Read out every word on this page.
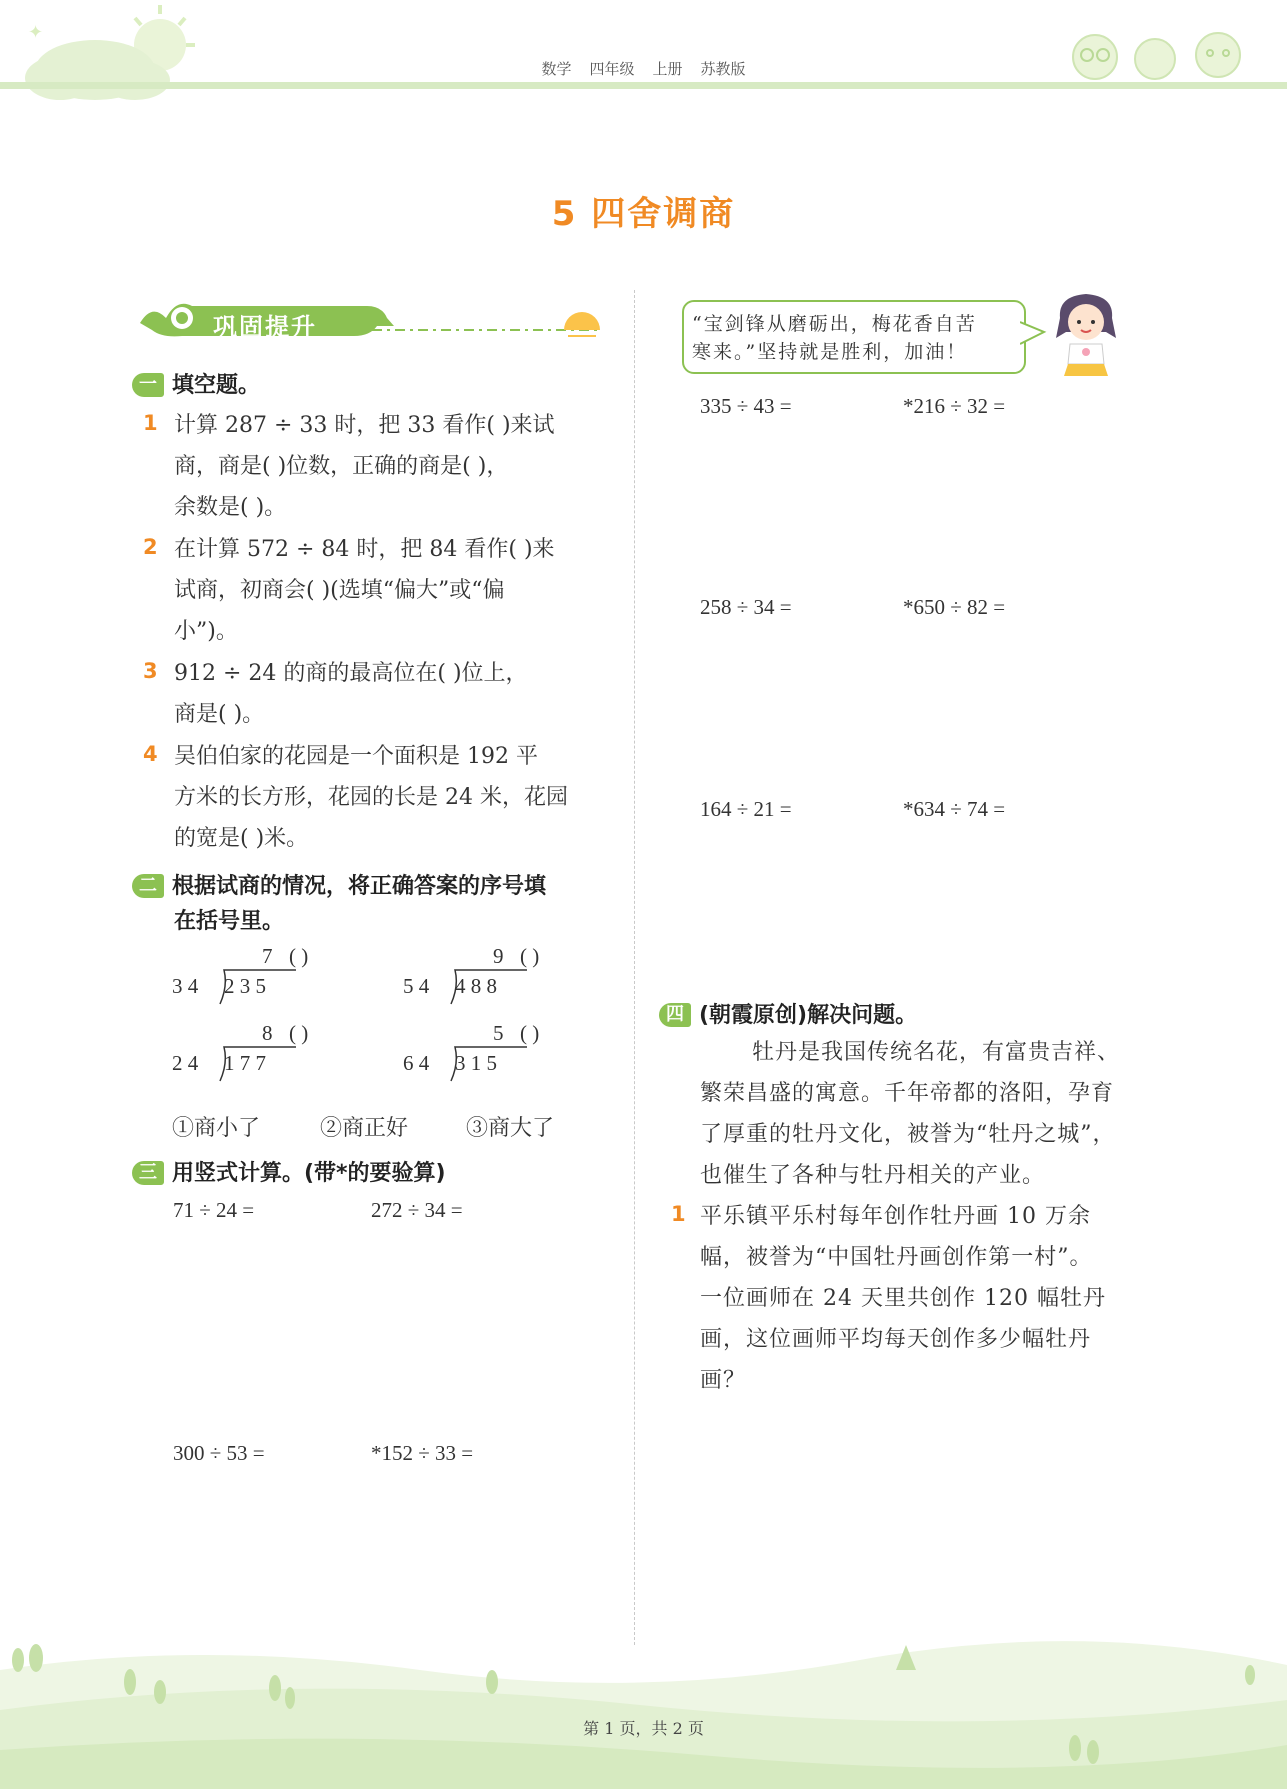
✦
数学 四年级 上册 苏教版
5 四舍调商
巩固提升
一 填空题。
1 计算 287 ÷ 33 时，把 33 看作( )来试
商，商是( )位数，正确的商是( )，
余数是( )。
2 在计算 572 ÷ 84 时，把 84 看作( )来
试商，初商会( )(选填“偏大”或“偏
小”)。
3 912 ÷ 24 的商的最高位在( )位上，
商是( )。
4 吴伯伯家的花园是一个面积是 192 平
方米的长方形，花园的长是 24 米，花园
的宽是( )米。
二 根据试商的情况，将正确答案的序号填
在括号里。
7 ( )
3 4 2 3 5
9 ( )
5 4 4 8 8
8 ( )
2 4 1 7 7
5 ( )
6 4 3 1 5
①商小了	②商正好	③商大了
三 用竖式计算。(带*的要验算)
71 ÷ 24 =	272 ÷ 34 =
300 ÷ 53 =	*152 ÷ 33 =
“宝剑锋从磨砺出，梅花香自苦
寒来。”坚持就是胜利，加油！
335 ÷ 43 =	*216 ÷ 32 =
258 ÷ 34 =	*650 ÷ 82 =
164 ÷ 21 =	*634 ÷ 74 =
四 (朝霞原创)解决问题。
牡丹是我国传统名花，有富贵吉祥、
繁荣昌盛的寓意。千年帝都的洛阳，孕育
了厚重的牡丹文化，被誉为“牡丹之城”，
也催生了各种与牡丹相关的产业。
1 平乐镇平乐村每年创作牡丹画 10 万余
幅，被誉为“中国牡丹画创作第一村”。
一位画师在 24 天里共创作 120 幅牡丹
画，这位画师平均每天创作多少幅牡丹
画？
第 1 页，共 2 页
